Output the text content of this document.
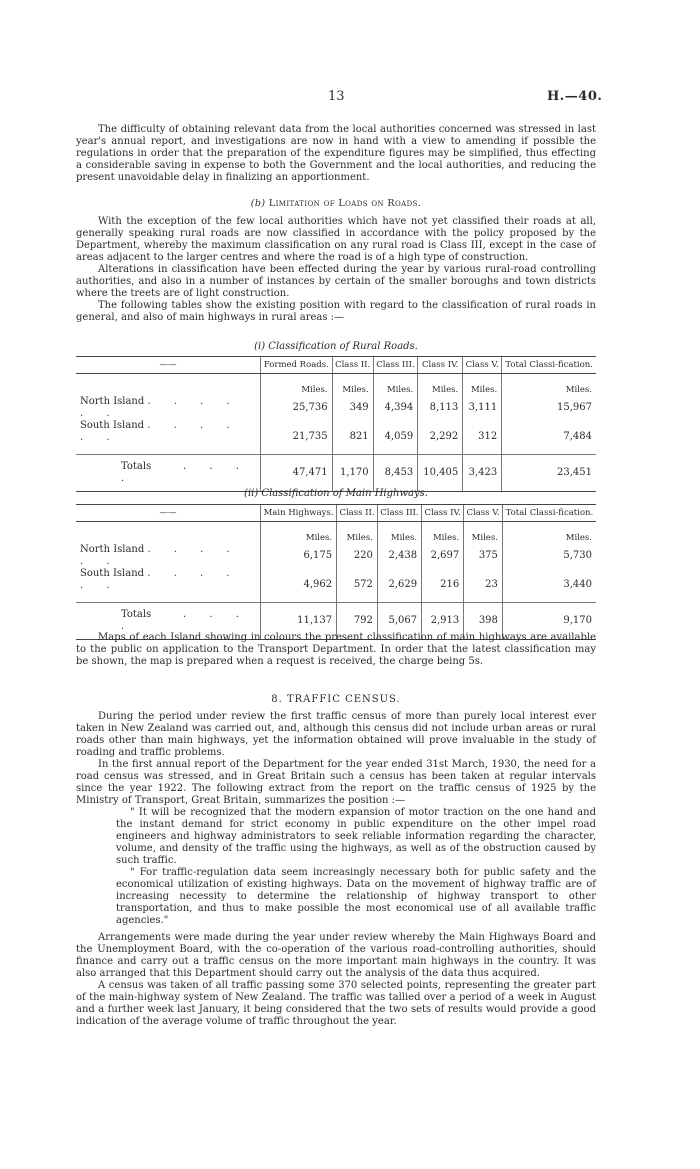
13	H.—40.

The difficulty of obtaining relevant data from the local authorities concerned was stressed in last year's annual report, and investigations are now in hand with a view to amending if possible the regulations in order that the preparation of the expenditure figures may be simplified, thus effecting a considerable saving in expense to both the Government and the local authorities, and reducing the present unavoidable delay in finalizing an apportionment.

(b) Limitation of Loads on Roads.

With the exception of the few local authorities which have not yet classified their roads at all, generally speaking rural roads are now classified in accordance with the policy proposed by the Department, whereby the maximum classification on any rural road is Class III, except in the case of areas adjacent to the larger centres and where the road is of a high type of construction.

Alterations in classification have been effected during the year by various rural-road controlling authorities, and also in a number of instances by certain of the smaller boroughs and town districts where the treets are of light construction.

The following tables show the existing position with regard to the classification of rural roads in general, and also of main highways in rural areas :—

(i) Classification of Rural Roads.
——	Formed Roads.	Class II.	Class III.	Class IV.	Class V.	Total Classi-fication.
	Miles.	Miles.	Miles.	Miles.	Miles.	Miles.
North Island . . . . . .	25,736	349	4,394	8,113	3,111	15,967
South Island . . . . . .	21,735	821	4,059	2,292	312	7,484
Totals . . . .	47,471	1,170	8,453	10,405	3,423	23,451
(ii) Classification of Main Highways.
——	Main Highways.	Class II.	Class III.	Class IV.	Class V.	Total Classi-fication.
	Miles.	Miles.	Miles.	Miles.	Miles.	Miles.
North Island . . . . . .	6,175	220	2,438	2,697	375	5,730
South Island . . . . . .	4,962	572	2,629	216	23	3,440
Totals . . . .	11,137	792	5,067	2,913	398	9,170

Maps of each Island showing in colours the present classification of main highways are available to the public on application to the Transport Department. In order that the latest classification may be shown, the map is prepared when a request is received, the charge being 5s.

8. TRAFFIC CENSUS.

During the period under review the first traffic census of more than purely local interest ever taken in New Zealand was carried out, and, although this census did not include urban areas or rural roads other than main highways, yet the information obtained will prove invaluable in the study of roading and traffic problems.

In the first annual report of the Department for the year ended 31st March, 1930, the need for a road census was stressed, and in Great Britain such a census has been taken at regular intervals since the year 1922. The following extract from the report on the traffic census of 1925 by the Ministry of Transport, Great Britain, summarizes the position :—

" It will be recognized that the modern expansion of motor traction on the one hand and the instant demand for strict economy in public expenditure on the other impel road engineers and highway administrators to seek reliable information regarding the character, volume, and density of the traffic using the highways, as well as of the obstruction caused by such traffic.

" For traffic-regulation data seem increasingly necessary both for public safety and the economical utilization of existing highways. Data on the movement of highway traffic are of increasing necessity to determine the relationship of highway transport to other transportation, and thus to make possible the most economical use of all available traffic agencies."

Arrangements were made during the year under review whereby the Main Highways Board and the Unemployment Board, with the co-operation of the various road-controlling authorities, should finance and carry out a traffic census on the more important main highways in the country. It was also arranged that this Department should carry out the analysis of the data thus acquired.

A census was taken of all traffic passing some 370 selected points, representing the greater part of the main-highway system of New Zealand. The traffic was tallied over a period of a week in August and a further week last January, it being considered that the two sets of results would provide a good indication of the average volume of traffic throughout the year.
